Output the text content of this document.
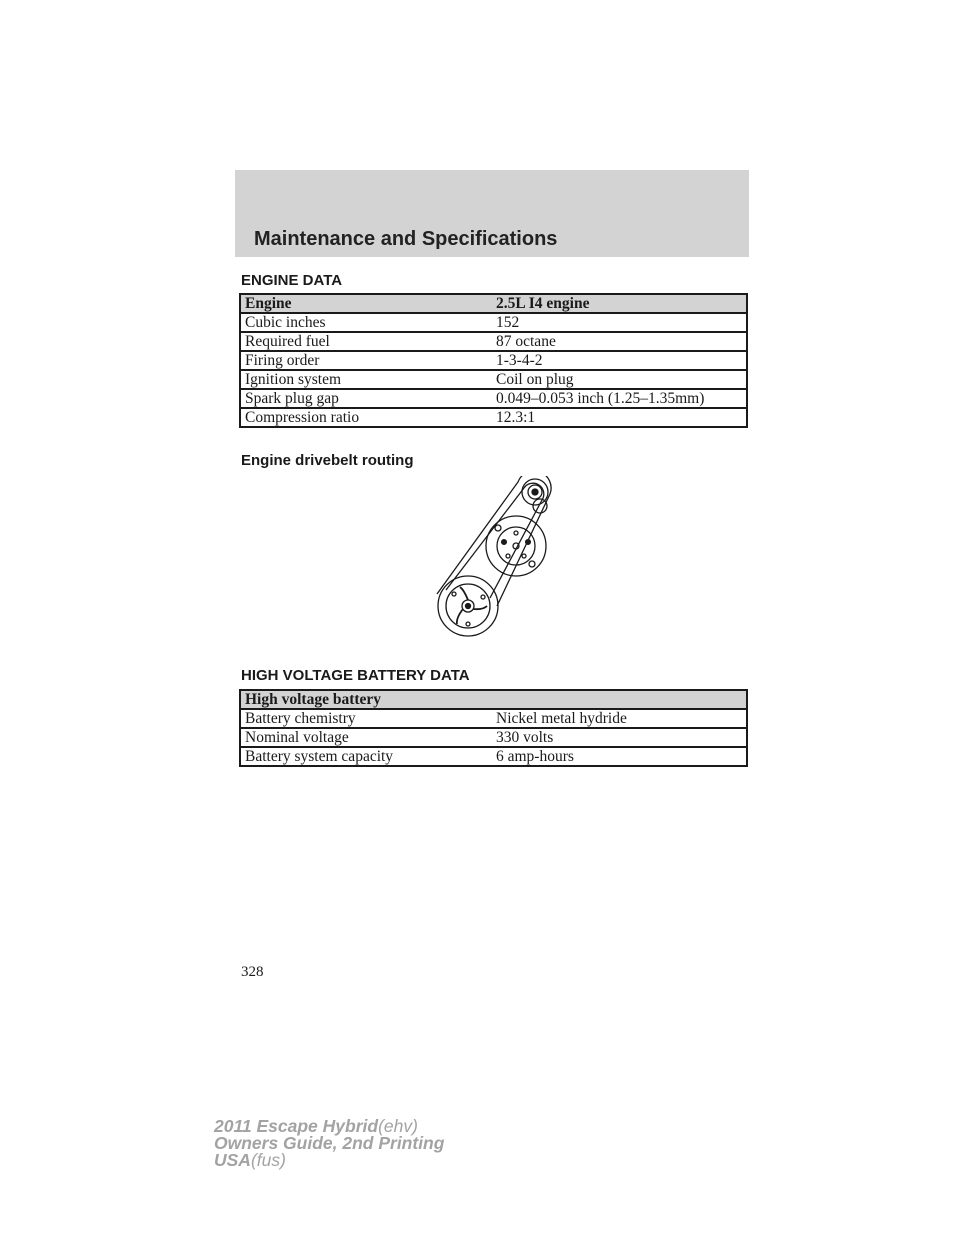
Maintenance and Specifications
ENGINE DATA
Engine	2.5L I4 engine
Cubic inches	152
Required fuel	87 octane
Firing order	1-3-4-2
Ignition system	Coil on plug
Spark plug gap	0.049–0.053 inch (1.25–1.35mm)
Compression ratio	12.3:1
Engine drivebelt routing
HIGH VOLTAGE BATTERY DATA
High voltage battery	
Battery chemistry	Nickel metal hydride
Nominal voltage	330 volts
Battery system capacity	6 amp-hours
328
2011 Escape Hybrid(ehv)
Owners Guide, 2nd Printing
USA(fus)
